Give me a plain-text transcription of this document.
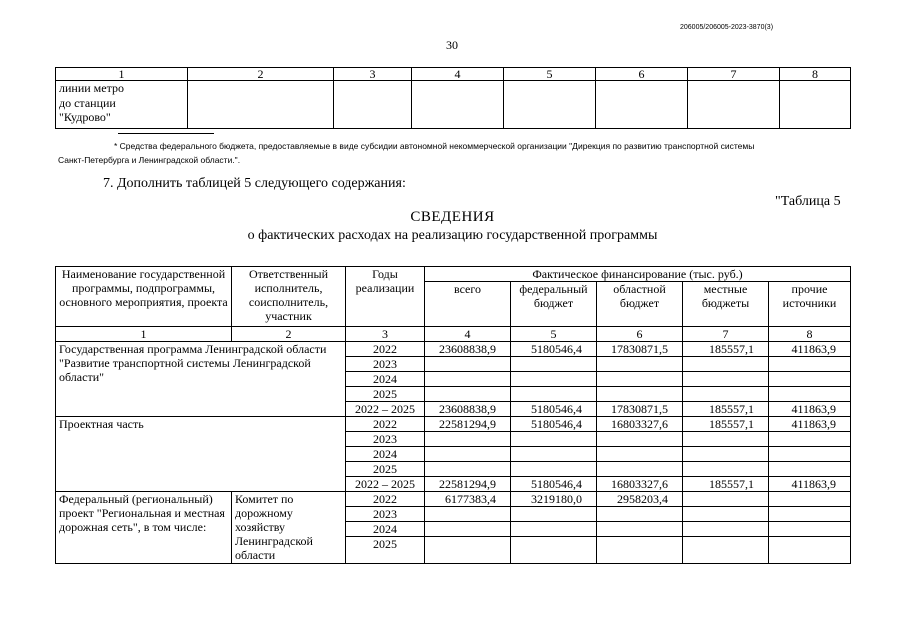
206005/206005-2023-3870(3)
30
1	2	3	4	5	6	7	8

линии метро
до станции
"Кудрово"							

* Средства федерального бюджета, предоставляемые в виде субсидии автономной некоммерческой организации "Дирекция по развитию транспортной системы
Санкт-Петербурга и Ленинградской области.".
7. Дополнить таблицей 5 следующего содержания:
"Таблица 5
СВЕДЕНИЯ
о фактических расходах на реализацию государственной программы
Наименование государственной программы, подпрограммы, основного мероприятия, проекта	Ответственный исполнитель, соисполнитель, участник	Годы реализации	Фактическое финансирование (тыс. руб.)				
			всего	федеральный бюджет	областной бюджет	местные бюджеты	прочие источники
1	2	3	4	5	6	7	8
Государственная программа Ленинградской области "Развитие транспортной системы Ленинградской области"		2022	23608838,9	5180546,4	17830871,5	185557,1	411863,9
		2023					
		2024					
		2025					
		2022 – 2025	23608838,9	5180546,4	17830871,5	185557,1	411863,9
Проектная часть		2022	22581294,9	5180546,4	16803327,6	185557,1	411863,9
		2023					
		2024					
		2025					
		2022 – 2025	22581294,9	5180546,4	16803327,6	185557,1	411863,9
Федеральный (региональный) проект "Региональная и местная дорожная сеть", в том числе:	Комитет по дорожному хозяйству Ленинградской области	2022	6177383,4	3219180,0	2958203,4		
		2023					
		2024					
		2025					
